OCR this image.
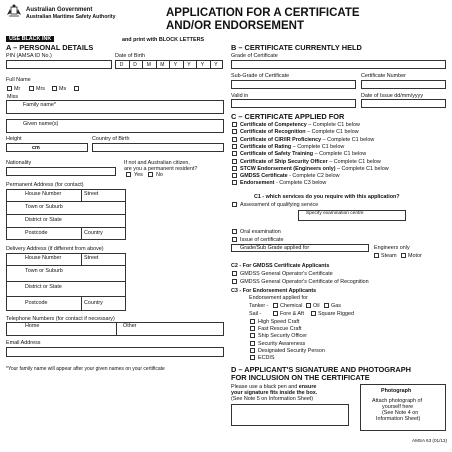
Australian Government
Australian Maritime Safety Authority	APPLICATION FOR A CERTIFICATE
AND/OR ENDORSEMENT
USE BLACK INK	and print with BLOCK LETTERS
A – PERSONAL DETAILS
PIN (AMSA ID No.)	Date of Birth
D D M M Y Y Y Y
Full Name
Mr	Mrs	Ms
Miss
Family name*
Given name(s)
Height	Country of Birth
cm
Nationality	If not and Australian citizen,
are you a permanent resident?
Yes No
Permanent Address (for contact)
House Number	Street
Town or Suburb
District or State
Postcode	Country
Delivery Address (if different from above)
House Number	Street
Town or Suburb
District or State
Postcode	Country
Telephone Numbers (for contact if necessary)
Home	Other
Email Address
*Your family name will appear after your given names on your certificate
B – CERTIFICATE CURRENTLY HELD
Grade of Certificate
Sub-Grade of Certificate	Certificate Number
Valid in	Date of Issue dd/mm/yyyy
C – CERTIFICATE APPLIED FOR
Certificate of Competency – Complete C1 below
Certificate of Recognition – Complete C1 below
Certificate of CIR/IR Proficiency – Complete C1 below
Certificate of Rating – Complete C1 below
Certificate of Safety Training – Complete C1 below
Certificate of Ship Security Officer – Complete C1 below
STCW Endorsement (Engineers only) – Complete C1 below
GMDSS Certificate - Complete C2 below
Endorsement - Complete C3 below
C1 - which services do you require with this application?
Assessment of qualifying service
Specify examination centre
Oral examination
Issue of certificate
Grade/Sub Grade applied for	Engineers only
Steam Motor
C2 - For GMDSS Certificate Applicants
GMDSS General Operator's Certificate
GMDSS General Operator's Certificate of Recognition
C3 - For Endorsement Applicants
Endorsement applied for
Tanker - Chemical Oil Gas
Sail -	Fore & Aft	Square Rigged
High Speed Craft
Fast Rescue Craft
Ship Security Officer
Security Awareness
Designated Security Person
ECDIS
D – APPLICANT'S SIGNATURE AND PHOTOGRAPH
FOR INCLUSION ON THE CERTIFICATE
Please use a black pen and ensure
your signature fits inside the box.
(See Note 5 on Information Sheet)
Photograph
Attach photograph of
yourself here
(See Note 4 on
Information Sheet)
AMSA 63 (01/13)
